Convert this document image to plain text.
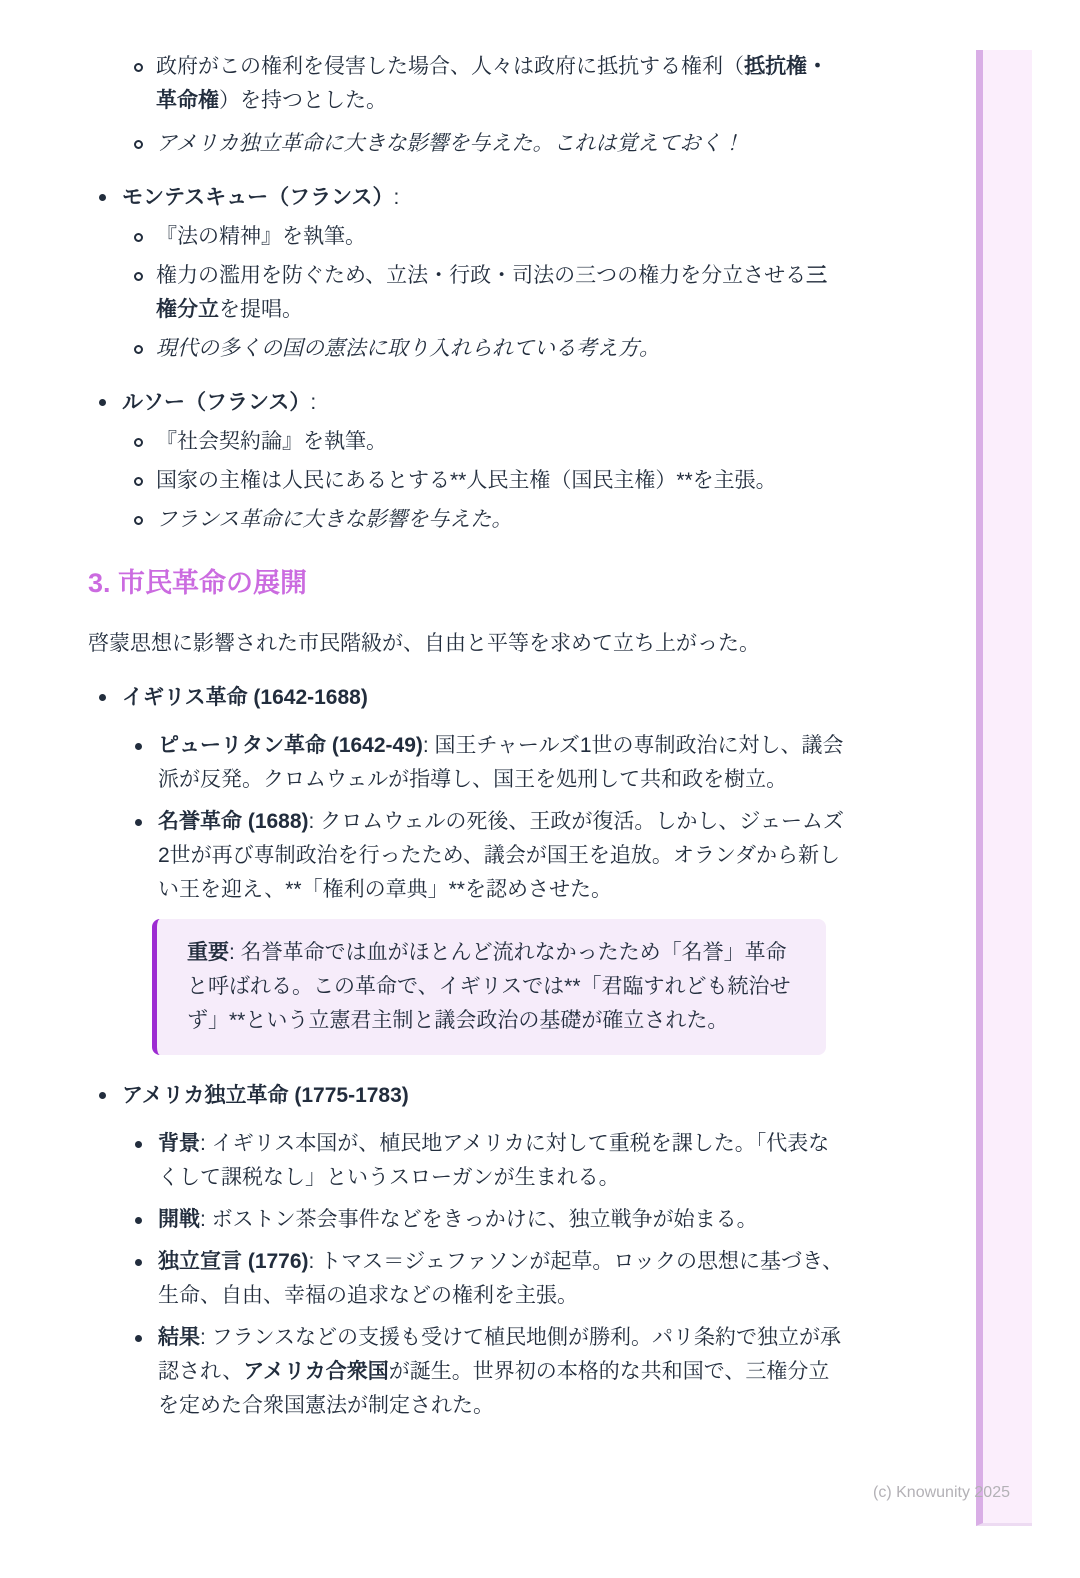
政府がこの権利を侵害した場合、人々は政府に抵抗する権利（抵抗権・革命権）を持つとした。
アメリカ独立革命に大きな影響を与えた。これは覚えておく！
モンテスキュー（フランス）:
『法の精神』を執筆。
権力の濫用を防ぐため、立法・行政・司法の三つの権力を分立させる三権分立を提唱。
現代の多くの国の憲法に取り入れられている考え方。
ルソー（フランス）:
『社会契約論』を執筆。
国家の主権は人民にあるとする**人民主権（国民主権）**を主張。
フランス革命に大きな影響を与えた。
3. 市民革命の展開

啓蒙思想に影響された市民階級が、自由と平等を求めて立ち上がった。

イギリス革命 (1642-1688)
ピューリタン革命 (1642-49): 国王チャールズ1世の専制政治に対し、議会派が反発。クロムウェルが指導し、国王を処刑して共和政を樹立。
名誉革命 (1688): クロムウェルの死後、王政が復活。しかし、ジェームズ2世が再び専制政治を行ったため、議会が国王を追放。オランダから新しい王を迎え、**「権利の章典」**を認めさせた。
重要: 名誉革命では血がほとんど流れなかったため「名誉」革命と呼ばれる。この革命で、イギリスでは**「君臨すれども統治せず」**という立憲君主制と議会政治の基礎が確立された。
アメリカ独立革命 (1775-1783)
背景: イギリス本国が、植民地アメリカに対して重税を課した。「代表なくして課税なし」というスローガンが生まれる。
開戦: ボストン茶会事件などをきっかけに、独立戦争が始まる。
独立宣言 (1776): トマス＝ジェファソンが起草。ロックの思想に基づき、生命、自由、幸福の追求などの権利を主張。
結果: フランスなどの支援も受けて植民地側が勝利。パリ条約で独立が承認され、アメリカ合衆国が誕生。世界初の本格的な共和国で、三権分立を定めた合衆国憲法が制定された。
(c) Knowunity 2025
